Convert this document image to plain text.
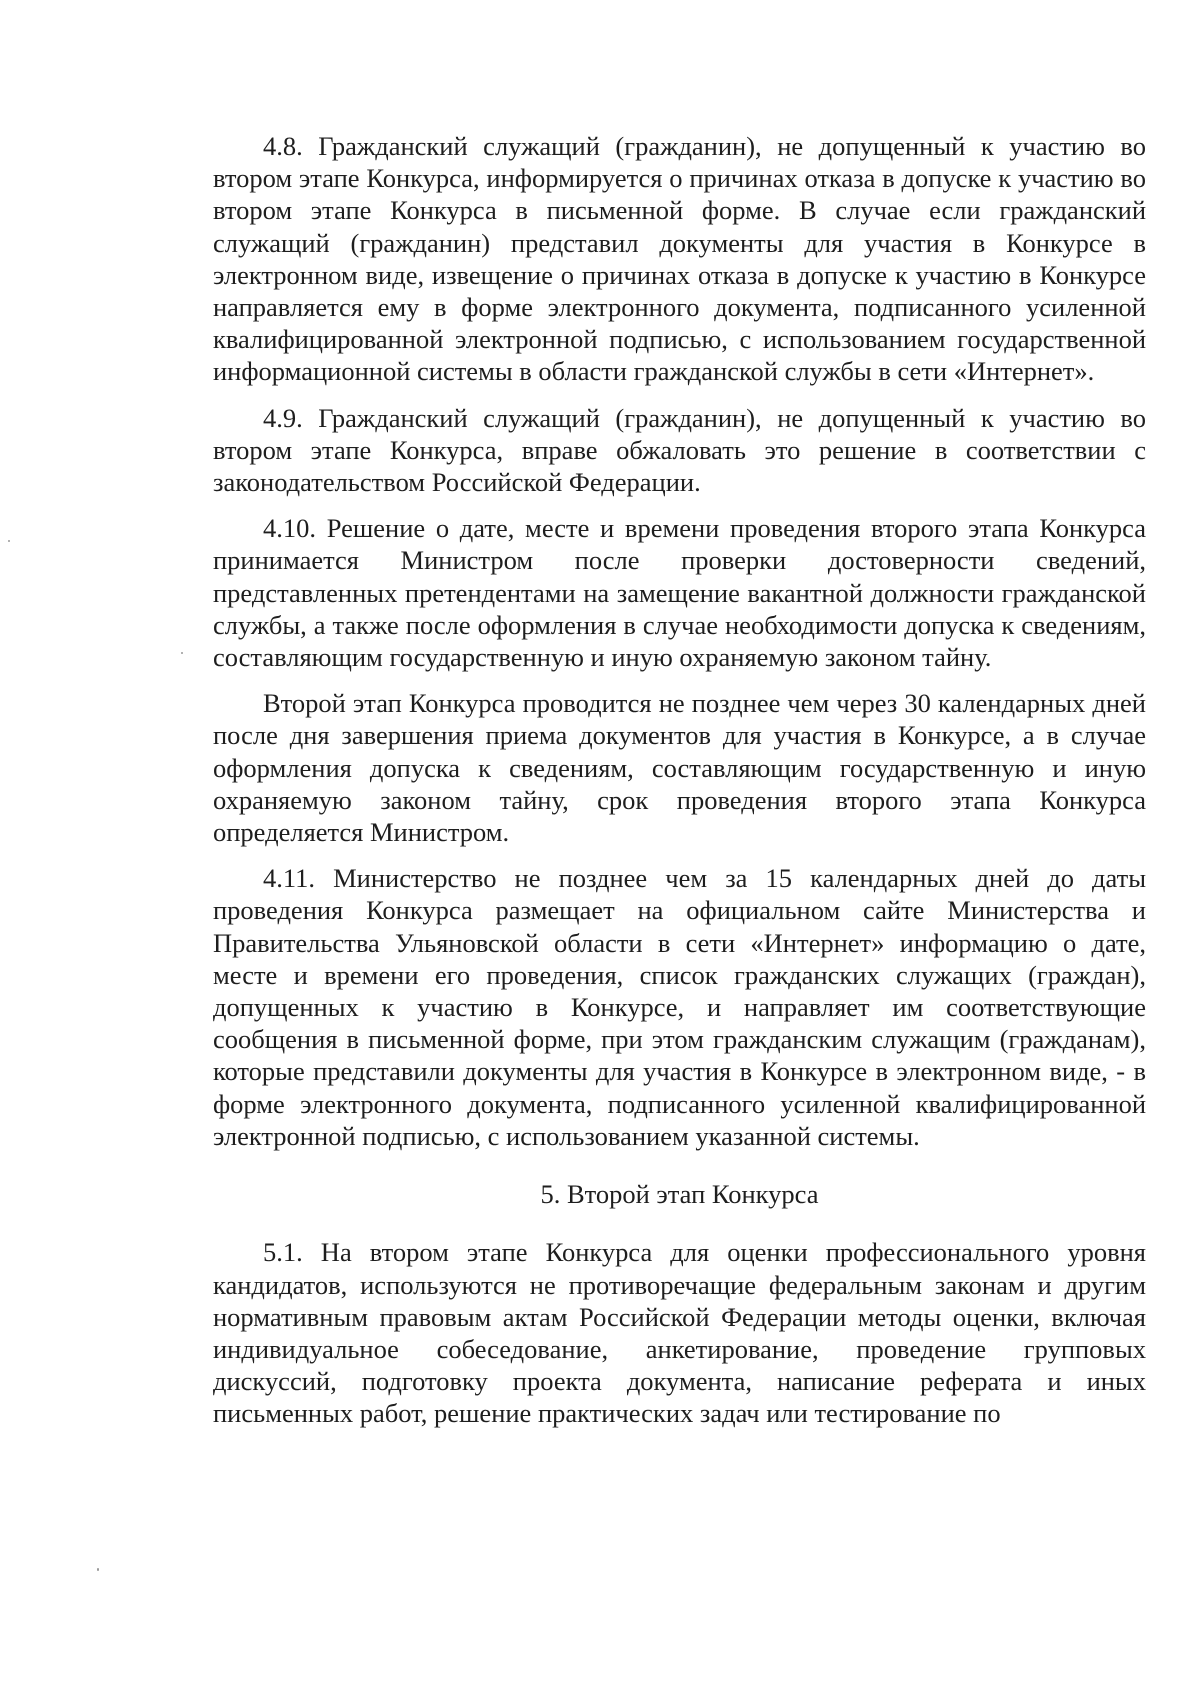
4.8. Гражданский служащий (гражданин), не допущенный к участию во втором этапе Конкурса, информируется о причинах отказа в допуске к участию во втором этапе Конкурса в письменной форме. В случае если гражданский служащий (гражданин) представил документы для участия в Конкурсе в электронном виде, извещение о причинах отказа в допуске к участию в Конкурсе направляется ему в форме электронного документа, подписанного усиленной квалифицированной электронной подписью, с использованием государственной информационной системы в области гражданской службы в сети «Интернет».

4.9. Гражданский служащий (гражданин), не допущенный к участию во втором этапе Конкурса, вправе обжаловать это решение в соответствии с законодательством Российской Федерации.

4.10. Решение о дате, месте и времени проведения второго этапа Конкурса принимается Министром после проверки достоверности сведений, представленных претендентами на замещение вакантной должности гражданской службы, а также после оформления в случае необходимости допуска к сведениям, составляющим государственную и иную охраняемую законом тайну.

Второй этап Конкурса проводится не позднее чем через 30 календарных дней после дня завершения приема документов для участия в Конкурсе, а в случае оформления допуска к сведениям, составляющим государственную и иную охраняемую законом тайну, срок проведения второго этапа Конкурса определяется Министром.

4.11. Министерство не позднее чем за 15 календарных дней до даты проведения Конкурса размещает на официальном сайте Министерства и Правительства Ульяновской области в сети «Интернет» информацию о дате, месте и времени его проведения, список гражданских служащих (граждан), допущенных к участию в Конкурсе, и направляет им соответствующие сообщения в письменной форме, при этом гражданским служащим (гражданам), которые представили документы для участия в Конкурсе в электронном виде, - в форме электронного документа, подписанного усиленной квалифицированной электронной подписью, с использованием указанной системы.

5. Второй этап Конкурса

5.1. На втором этапе Конкурса для оценки профессионального уровня кандидатов, используются не противоречащие федеральным законам и другим нормативным правовым актам Российской Федерации методы оценки, включая индивидуальное собеседование, анкетирование, проведение групповых дискуссий, подготовку проекта документа, написание реферата и иных письменных работ, решение практических задач или тестирование по
